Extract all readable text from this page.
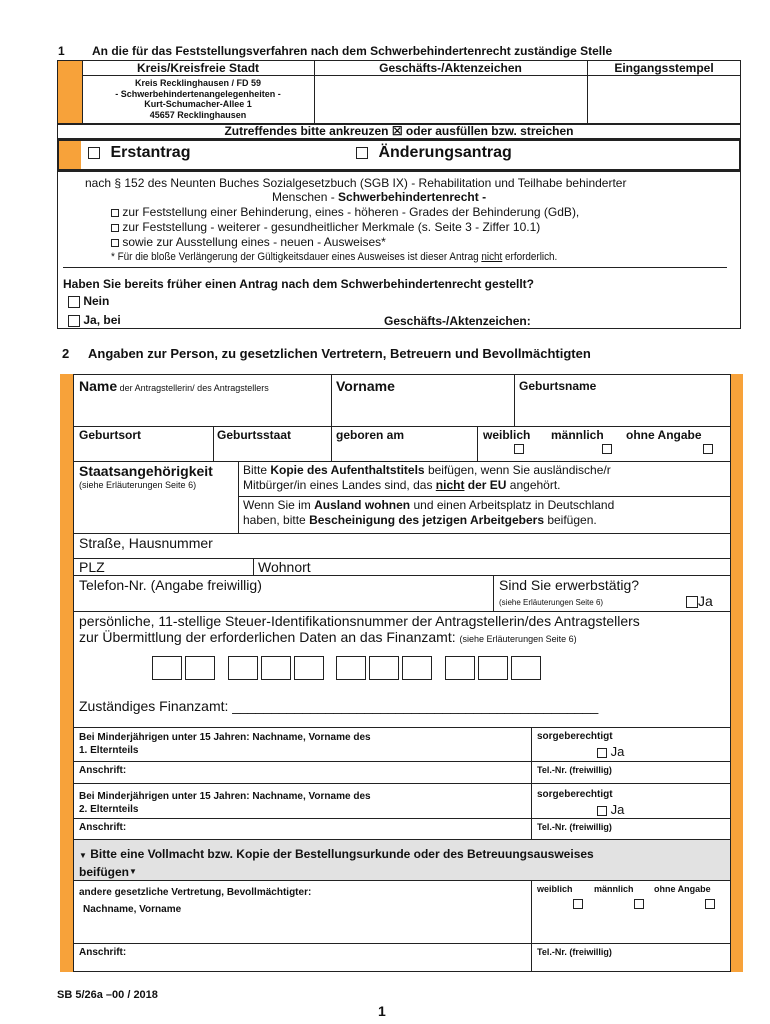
1 An die für das Feststellungsverfahren nach dem Schwerbehindertenrecht zuständige Stelle
Kreis/Kreisfreie Stadt	Geschäfts-/Aktenzeichen	Eingangsstempel
Kreis Recklinghausen / FD 59
- Schwerbehindertenangelegenheiten -
Kurt-Schumacher-Allee 1
45657 Recklinghausen
Zutreffendes bitte ankreuzen ☒ oder ausfüllen bzw. streichen
Erstantrag	Änderungsantrag
nach § 152 des Neunten Buches Sozialgesetzbuch (SGB IX) - Rehabilitation und Teilhabe behinderter
Menschen - Schwerbehindertenrecht -
zur Feststellung einer Behinderung, eines - höheren - Grades der Behinderung (GdB),
zur Feststellung - weiterer - gesundheitlicher Merkmale (s. Seite 3 - Ziffer 10.1)
sowie zur Ausstellung eines - neuen - Ausweises*
* Für die bloße Verlängerung der Gültigkeitsdauer eines Ausweises ist dieser Antrag nicht erforderlich.
Haben Sie bereits früher einen Antrag nach dem Schwerbehindertenrecht gestellt?
Nein
Ja, bei	Geschäfts-/Aktenzeichen:
2 Angaben zur Person, zu gesetzlichen Vertretern, Betreuern und Bevollmächtigten
Name der Antragstellerin/ des Antragstellers	Vorname	Geburtsname
Geburtsort	Geburtsstaat	geboren am	weiblich männlich ohne Angabe
Staatsangehörigkeit
(siehe Erläuterungen Seite 6)
Bitte Kopie des Aufenthaltstitels beifügen, wenn Sie ausländische/r
Mitbürger/in eines Landes sind, das nicht der EU angehört.
Wenn Sie im Ausland wohnen und einen Arbeitsplatz in Deutschland
haben, bitte Bescheinigung des jetzigen Arbeitgebers beifügen.
Straße, Hausnummer
PLZ	Wohnort
Telefon-Nr. (Angabe freiwillig)	Sind Sie erwerbstätig?
(siehe Erläuterungen Seite 6)	Ja
persönliche, 11-stellige Steuer-Identifikationsnummer der Antragstellerin/des Antragstellers
zur Übermittlung der erforderlichen Daten an das Finanzamt: (siehe Erläuterungen Seite 6)
Zuständiges Finanzamt: _______________________________________________
Bei Minderjährigen unter 15 Jahren: Nachname, Vorname des
1. Elternteils
sorgeberechtigt
Ja
Anschrift:	Tel.-Nr. (freiwillig)
Bei Minderjährigen unter 15 Jahren: Nachname, Vorname des
2. Elternteils
sorgeberechtigt
Ja
Anschrift:	Tel.-Nr. (freiwillig)
▼ Bitte eine Vollmacht bzw. Kopie der Bestellungsurkunde oder des Betreuungsausweises
beifügen▼
andere gesetzliche Vertretung, Bevollmächtigter:
Nachname, Vorname
weiblich männlich ohne Angabe
Anschrift:	Tel.-Nr. (freiwillig)
SB 5/26a –00 / 2018
1
